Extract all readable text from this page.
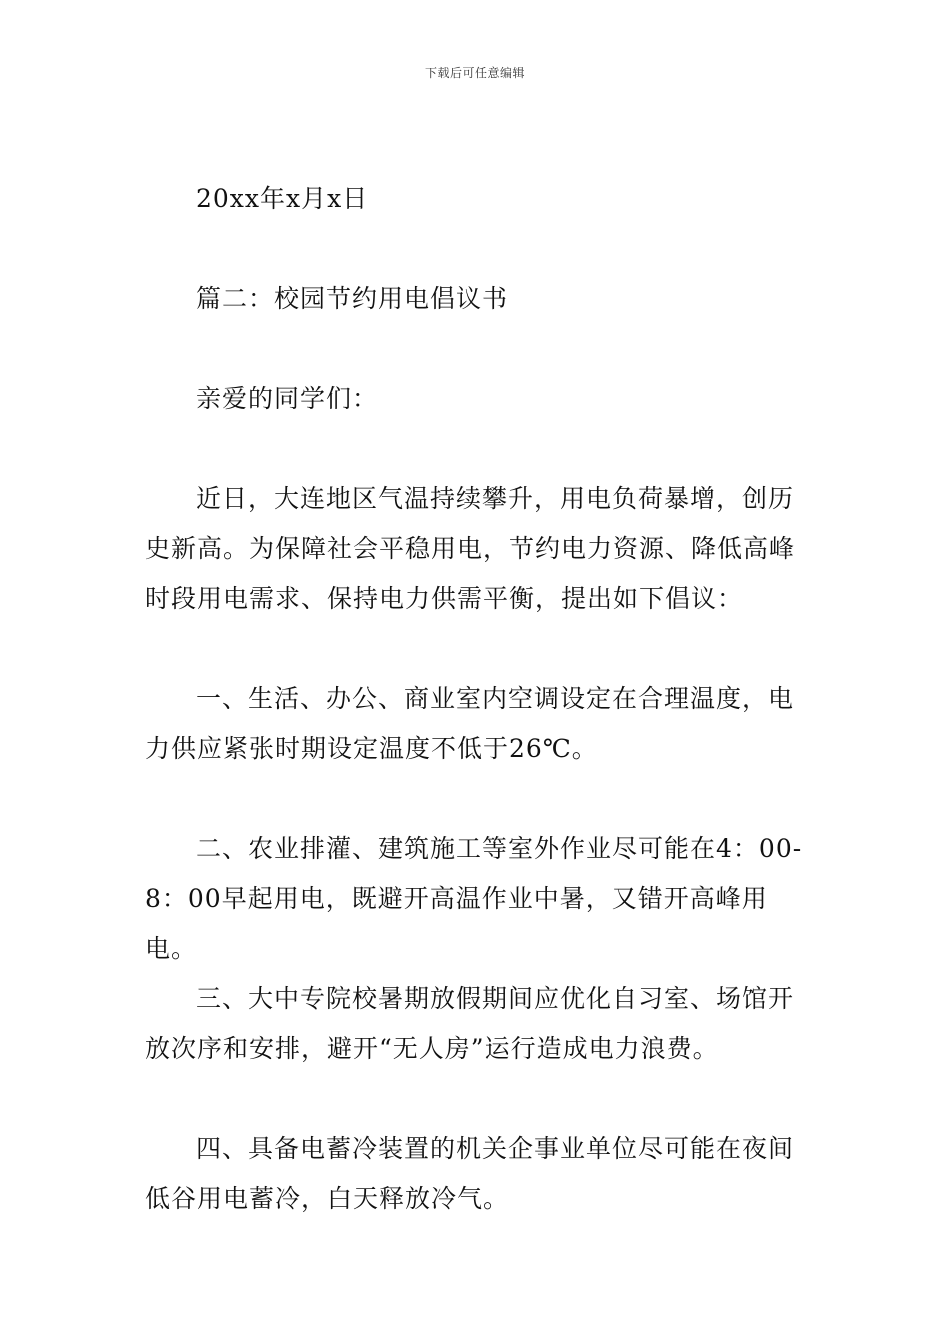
下载后可任意编辑

20xx年x月x日

篇二：校园节约用电倡议书

亲爱的同学们：

近日，大连地区气温持续攀升，用电负荷暴增，创历史新高。为保障社会平稳用电，节约电力资源、降低高峰时段用电需求、保持电力供需平衡，提出如下倡议：

一、生活、办公、商业室内空调设定在合理温度，电力供应紧张时期设定温度不低于26℃。

二、农业排灌、建筑施工等室外作业尽可能在4：00-8：00早起用电，既避开高温作业中暑，又错开高峰用电。

三、大中专院校暑期放假期间应优化自习室、场馆开放次序和安排，避开“无人房”运行造成电力浪费。

四、具备电蓄冷装置的机关企事业单位尽可能在夜间低谷用电蓄冷，白天释放冷气。
